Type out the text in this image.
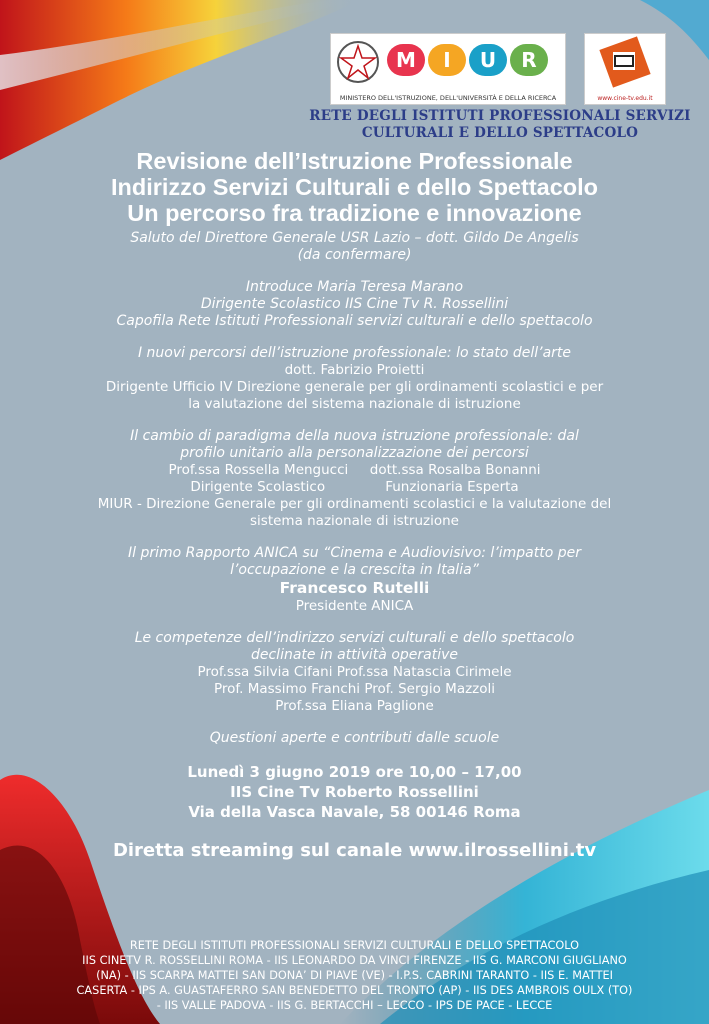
M	I	U	R
MINISTERO DELL'ISTRUZIONE, DELL'UNIVERSITÀ E DELLA RICERCA	www.cine-tv.edu.it
RETE DEGLI ISTITUTI PROFESSIONALI SERVIZI
CULTURALI E DELLO SPETTACOLO
Revisione dell’Istruzione Professionale
Indirizzo Servizi Culturali e dello Spettacolo
Un percorso fra tradizione e innovazione
Saluto del Direttore Generale USR Lazio – dott. Gildo De Angelis
(da confermare)
Introduce Maria Teresa Marano
Dirigente Scolastico IIS Cine Tv R. Rossellini
Capofila Rete Istituti Professionali servizi culturali e dello spettacolo
I nuovi percorsi dell’istruzione professionale: lo stato dell’arte
dott. Fabrizio Proietti
Dirigente Ufficio IV Direzione generale per gli ordinamenti scolastici e per
la valutazione del sistema nazionale di istruzione
Il cambio di paradigma della nuova istruzione professionale: dal
profilo unitario alla personalizzazione dei percorsi
Prof.ssa Rossella Mengucci dott.ssa Rosalba Bonanni
Dirigente Scolastico	Funzionaria Esperta
MIUR - Direzione Generale per gli ordinamenti scolastici e la valutazione del
sistema nazionale di istruzione
Il primo Rapporto ANICA su “Cinema e Audiovisivo: l’impatto per
l’occupazione e la crescita in Italia”
Francesco Rutelli
Presidente ANICA
Le competenze dell’indirizzo servizi culturali e dello spettacolo
declinate in attività operative
Prof.ssa Silvia Cifani Prof.ssa Natascia Cirimele
Prof. Massimo Franchi Prof. Sergio Mazzoli
Prof.ssa Eliana Paglione
Questioni aperte e contributi dalle scuole
Lunedì 3 giugno 2019 ore 10,00 – 17,00
IIS Cine Tv Roberto Rossellini
Via della Vasca Navale, 58 00146 Roma
Diretta streaming sul canale www.ilrossellini.tv
RETE DEGLI ISTITUTI PROFESSIONALI SERVIZI CULTURALI E DELLO SPETTACOLO
IIS CINETV R. ROSSELLINI ROMA - IIS LEONARDO DA VINCI FIRENZE - IIS G. MARCONI GIUGLIANO
(NA) - IIS SCARPA MATTEI SAN DONA’ DI PIAVE (VE) - I.P.S. CABRINI TARANTO - IIS E. MATTEI
CASERTA - IPS A. GUASTAFERRO SAN BENEDETTO DEL TRONTO (AP) - IIS DES AMBROIS OULX (TO)
- IIS VALLE PADOVA - IIS G. BERTACCHI – LECCO - IPS DE PACE - LECCE
